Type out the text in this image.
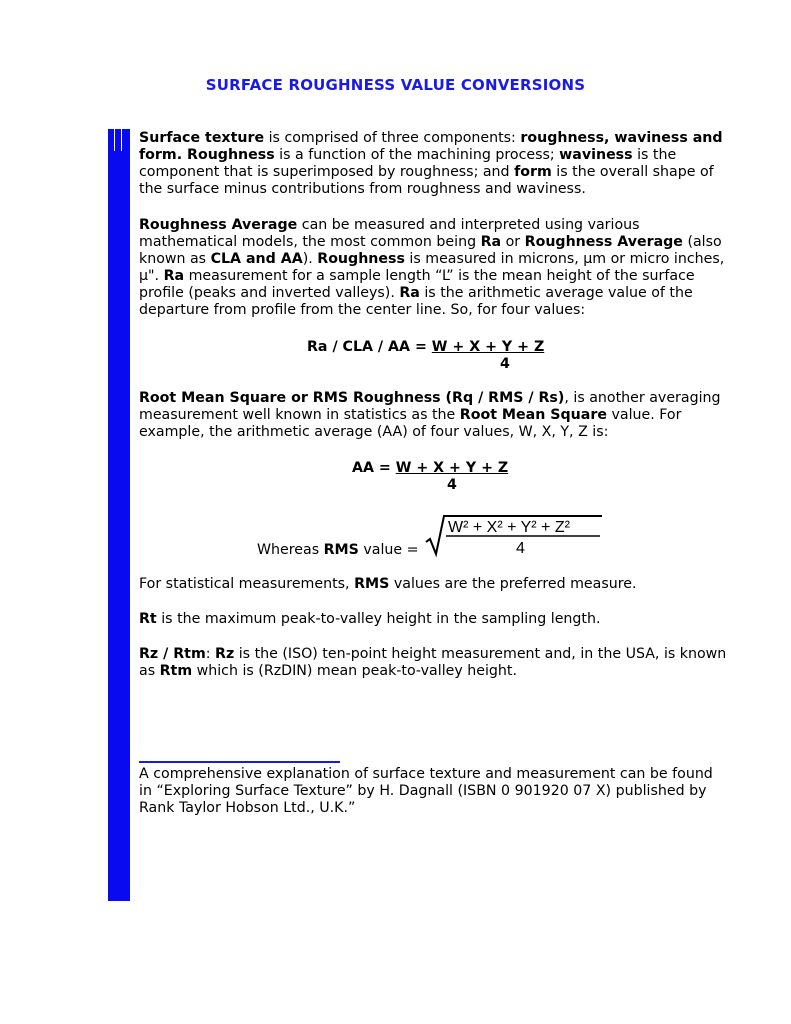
SURFACE ROUGHNESS VALUE CONVERSIONS
Surface texture is comprised of three components: roughness, waviness and form. Roughness is a function of the machining process; waviness is the component that is superimposed by roughness; and form is the overall shape of the surface minus contributions from roughness and waviness.
Roughness Average can be measured and interpreted using various mathematical models, the most common being Ra or Roughness Average (also known as CLA and AA). Roughness is measured in microns, µm or micro inches, µ". Ra measurement for a sample length “L” is the mean height of the surface profile (peaks and inverted valleys). Ra is the arithmetic average value of the departure from profile from the center line. So, for four values:
Ra / CLA / AA = W + X + Y + Z
4
Root Mean Square or RMS Roughness (Rq / RMS / Rs), is another averaging measurement well known in statistics as the Root Mean Square value. For example, the arithmetic average (AA) of four values, W, X, Y, Z is:
AA = W + X + Y + Z
4
Whereas RMS value =
W² + X² + Y² + Z²
4
For statistical measurements, RMS values are the preferred measure.
Rt is the maximum peak-to-valley height in the sampling length.
Rz / Rtm: Rz is the (ISO) ten-point height measurement and, in the USA, is known as Rtm which is (RzDIN) mean peak-to-valley height.
A comprehensive explanation of surface texture and measurement can be found in “Exploring Surface Texture” by H. Dagnall (ISBN 0 901920 07 X) published by Rank Taylor Hobson Ltd., U.K.”
